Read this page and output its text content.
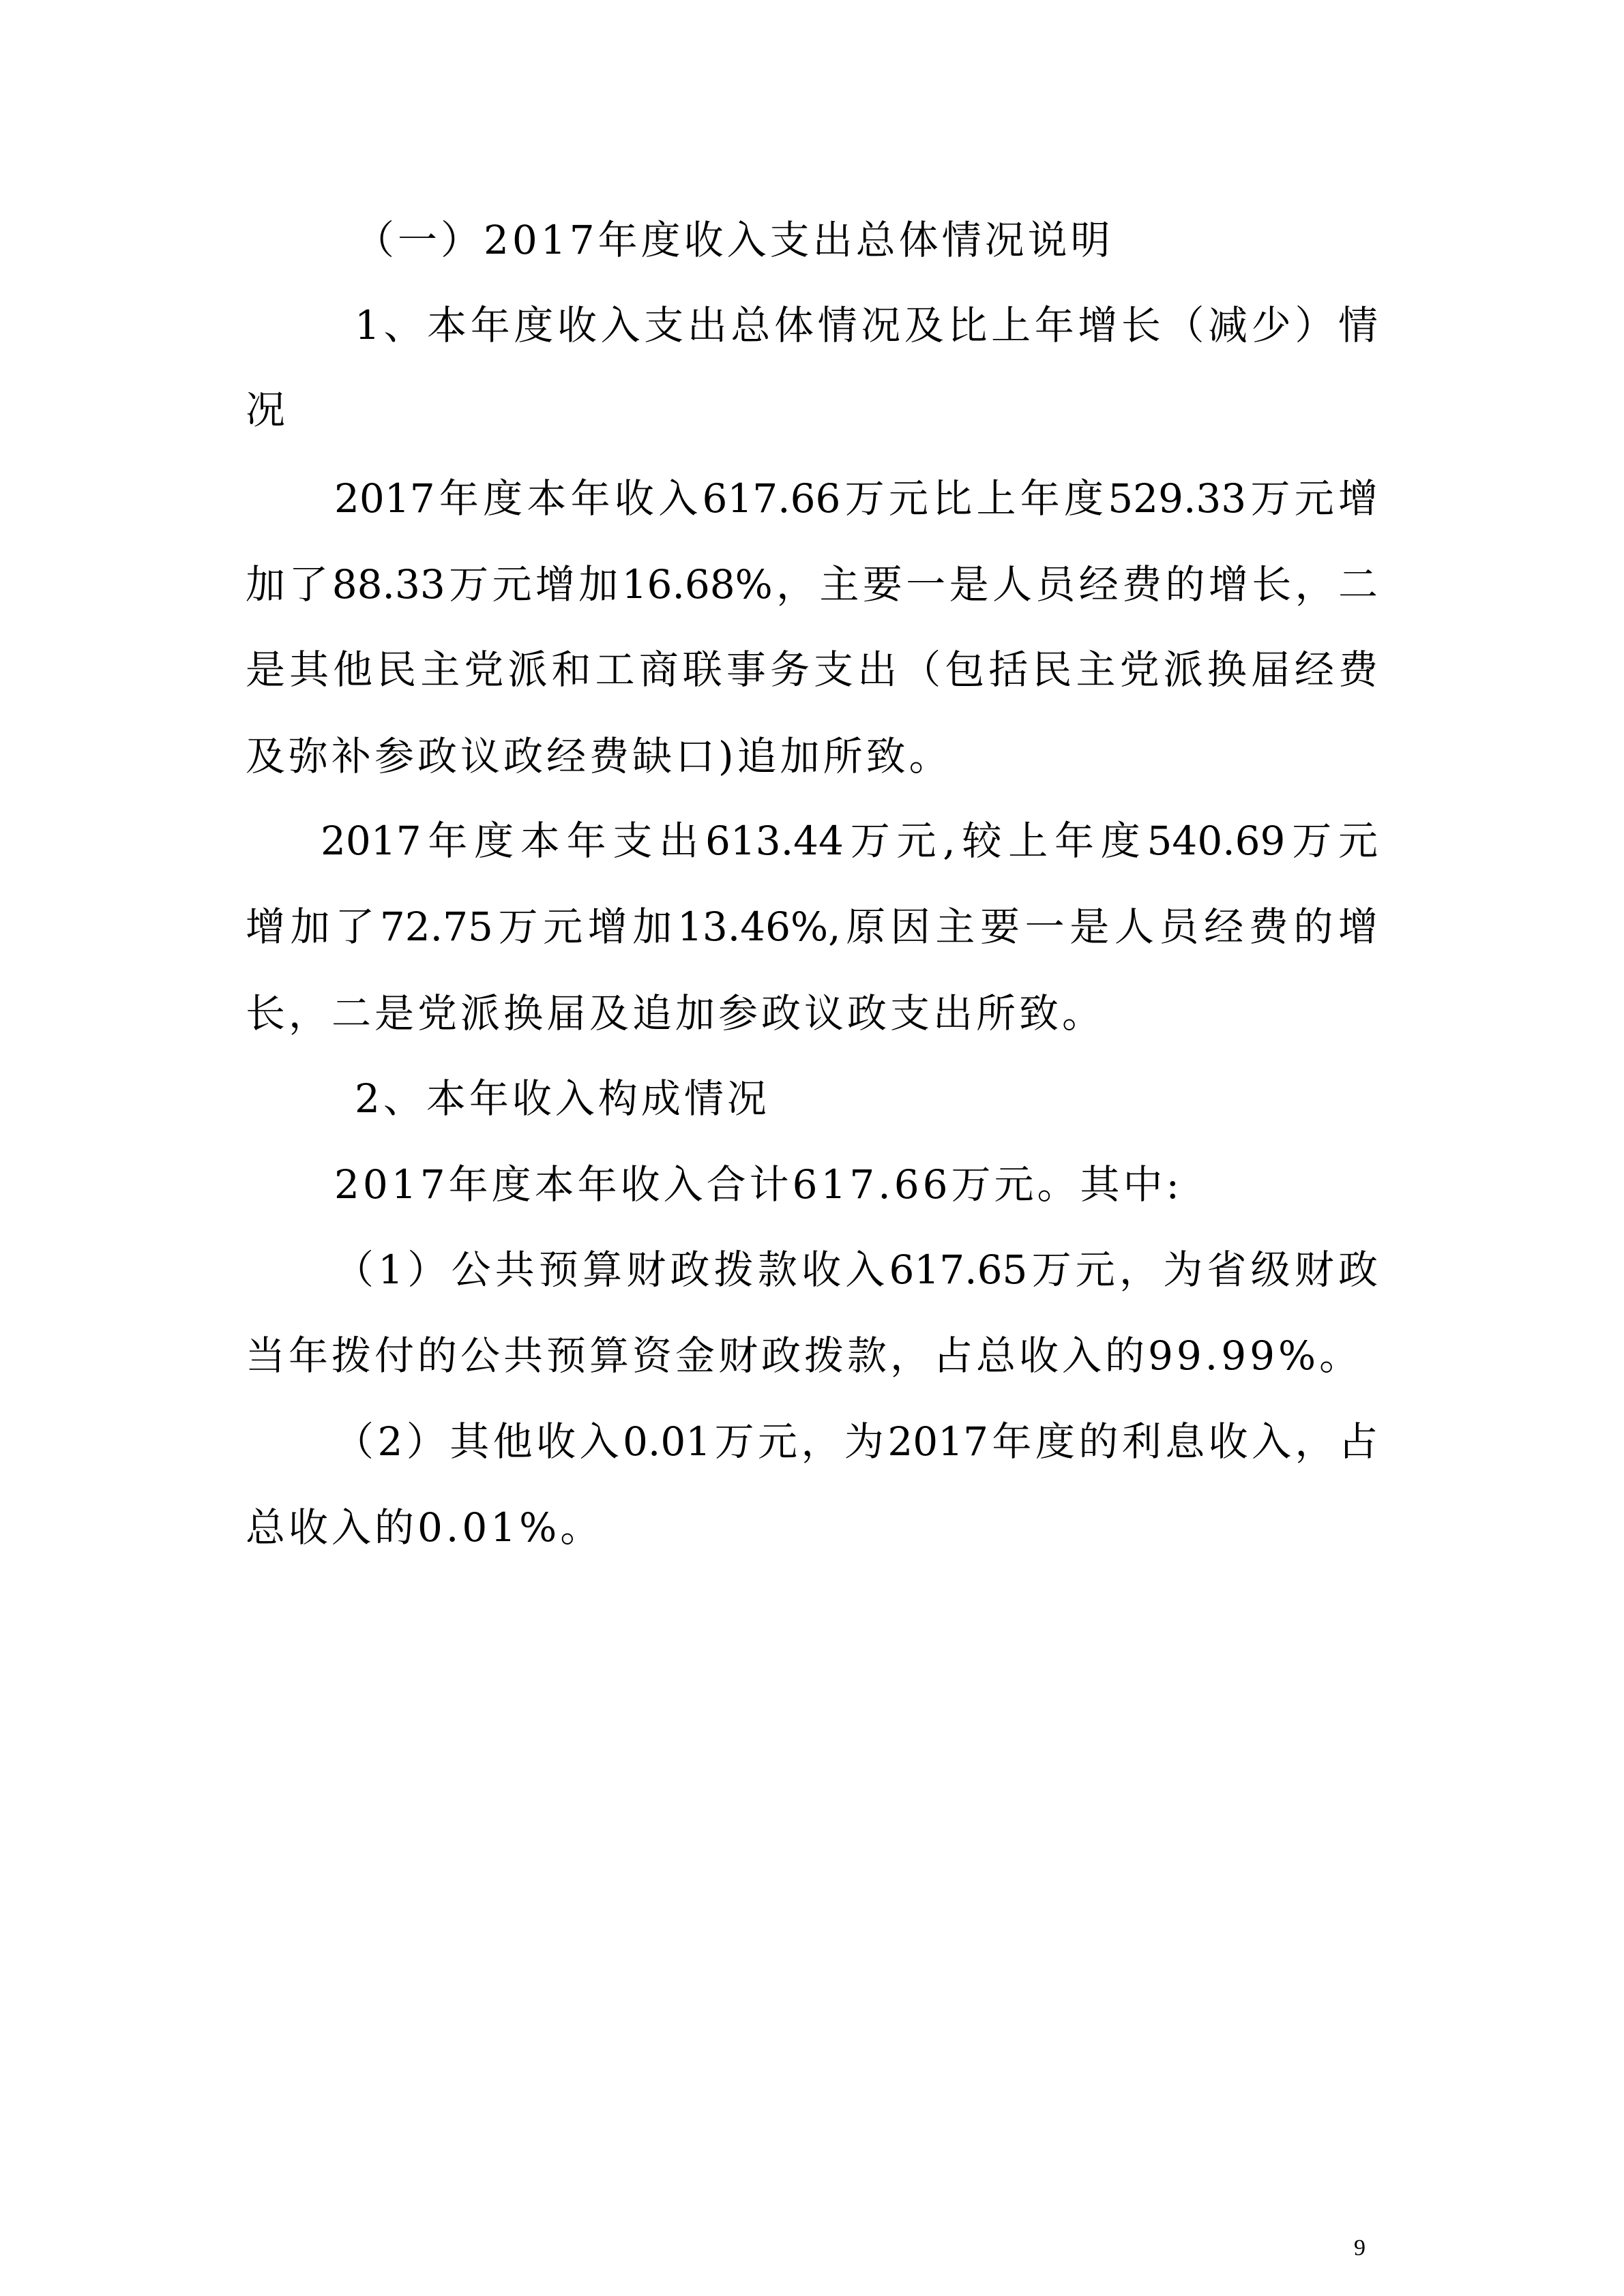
（一）2017年度收入支出总体情况说明

1、本年度收入支出总体情况及比上年增长（减少）情

况

2017年度本年收入617.66万元比上年度529.33万元增

加了88.33万元增加16.68%，主要一是人员经费的增长，二

是其他民主党派和工商联事务支出（包括民主党派换届经费

及弥补参政议政经费缺口)追加所致。

2017年度本年支出613.44万元,较上年度540.69万元

增加了72.75万元增加13.46%,原因主要一是人员经费的增

长，二是党派换届及追加参政议政支出所致。

2、本年收入构成情况

2017年度本年收入合计617.66万元。其中:

（1）公共预算财政拨款收入617.65万元，为省级财政

当年拨付的公共预算资金财政拨款，占总收入的99.99%。

（2）其他收入0.01万元，为2017年度的利息收入，占

总收入的0.01%。

9
